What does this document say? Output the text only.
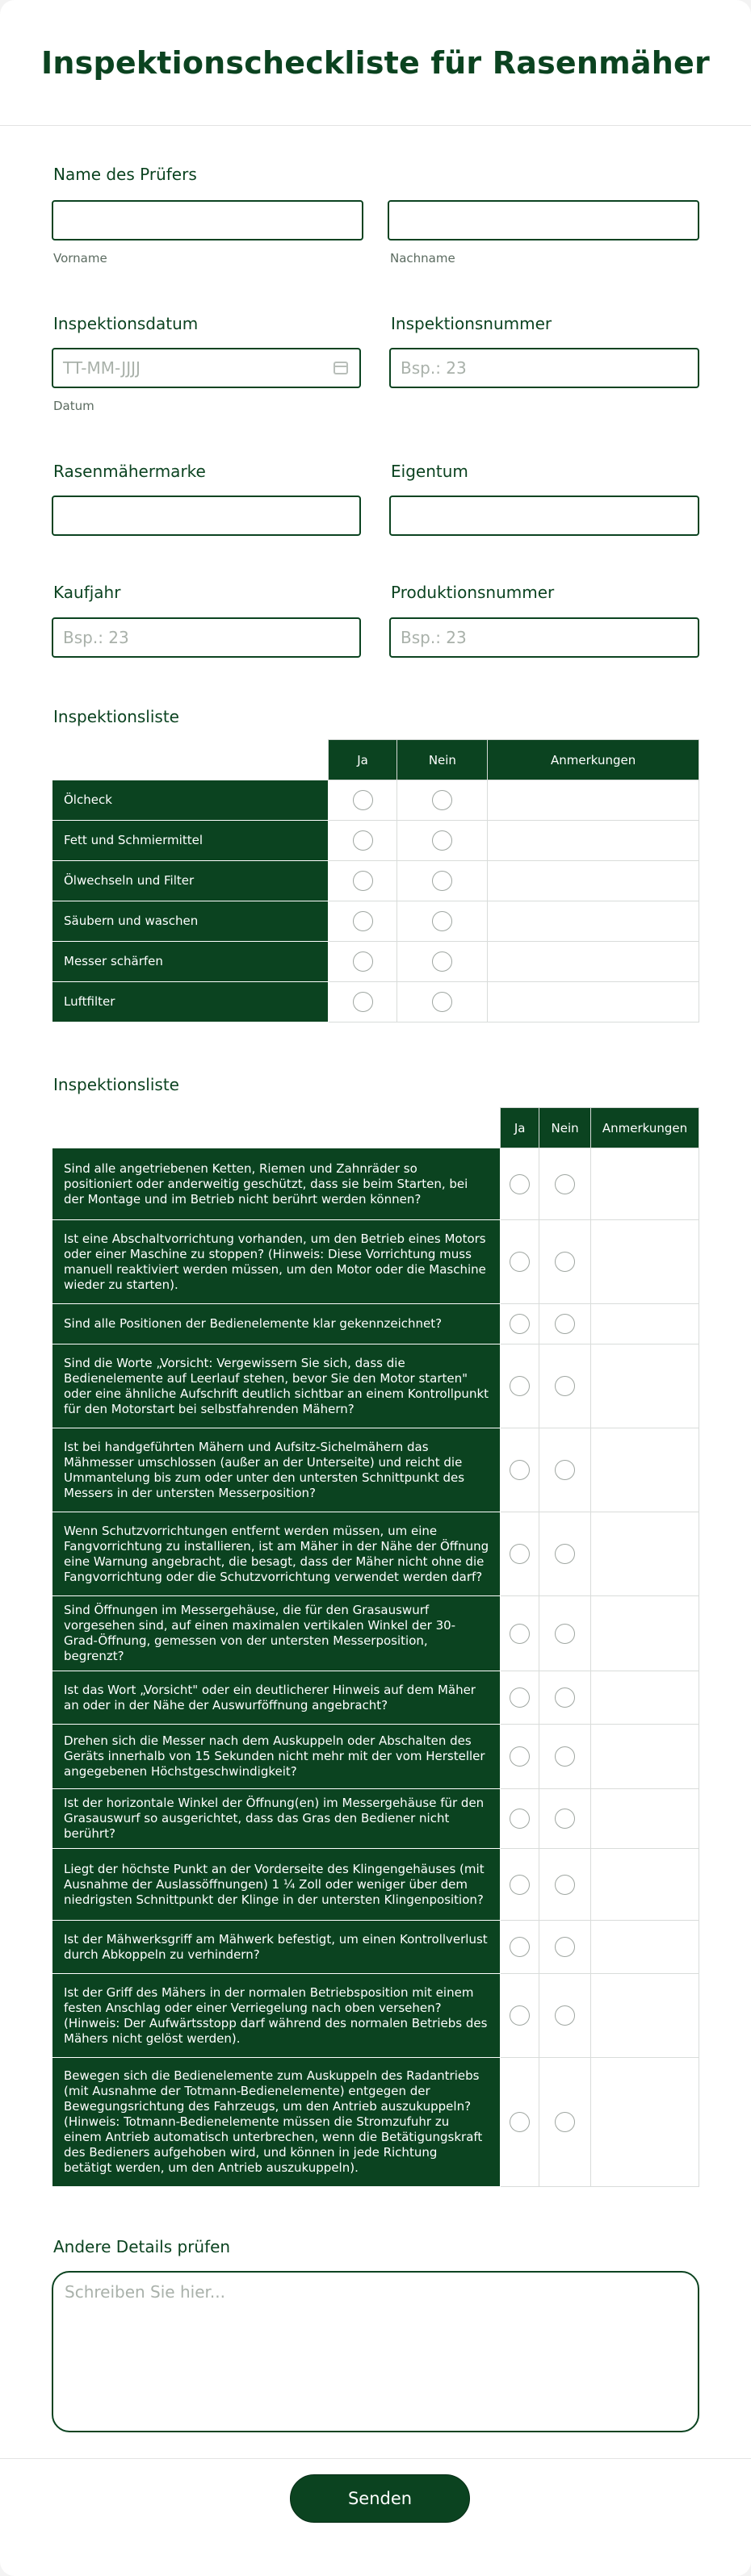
Inspektionscheckliste für Rasenmäher
Name des Prüfers
Vorname	Nachname
Inspektionsdatum
TT-MM-JJJJ
Datum
Inspektionsnummer
Bsp.: 23
Rasenmähermarke	Eigentum
Kaufjahr
Bsp.: 23
Produktionsnummer
Bsp.: 23
Inspektionsliste
	Ja	Nein	Anmerkungen
Ölcheck			
Fett und Schmiermittel			
Ölwechseln und Filter			
Säubern und waschen			
Messer schärfen			
Luftfilter			
Inspektionsliste
	Ja	Nein	Anmerkungen
Sind alle angetriebenen Ketten, Riemen und Zahnräder so positioniert oder anderweitig geschützt, dass sie beim Starten, bei der Montage und im Betrieb nicht berührt werden können?			
Ist eine Abschaltvorrichtung vorhanden, um den Betrieb eines Motors oder einer Maschine zu stoppen? (Hinweis: Diese Vorrichtung muss manuell reaktiviert werden müssen, um den Motor oder die Maschine wieder zu starten).			
Sind alle Positionen der Bedienelemente klar gekennzeichnet?			
Sind die Worte „Vorsicht: Vergewissern Sie sich, dass die Bedienelemente auf Leerlauf stehen, bevor Sie den Motor starten" oder eine ähnliche Aufschrift deutlich sichtbar an einem Kontrollpunkt für den Motorstart bei selbstfahrenden Mähern?			
Ist bei handgeführten Mähern und Aufsitz-Sichelmähern das Mähmesser umschlossen (außer an der Unterseite) und reicht die Ummantelung bis zum oder unter den untersten Schnittpunkt des Messers in der untersten Messerposition?			
Wenn Schutzvorrichtungen entfernt werden müssen, um eine Fangvorrichtung zu installieren, ist am Mäher in der Nähe der Öffnung eine Warnung angebracht, die besagt, dass der Mäher nicht ohne die Fangvorrichtung oder die Schutzvorrichtung verwendet werden darf?			
Sind Öffnungen im Messergehäuse, die für den Grasauswurf vorgesehen sind, auf einen maximalen vertikalen Winkel der 30-Grad-Öffnung, gemessen von der untersten Messerposition, begrenzt?			
Ist das Wort „Vorsicht" oder ein deutlicherer Hinweis auf dem Mäher an oder in der Nähe der Auswurföffnung angebracht?			
Drehen sich die Messer nach dem Auskuppeln oder Abschalten des Geräts innerhalb von 15 Sekunden nicht mehr mit der vom Hersteller angegebenen Höchstgeschwindigkeit?			
Ist der horizontale Winkel der Öffnung(en) im Messergehäuse für den Grasauswurf so ausgerichtet, dass das Gras den Bediener nicht berührt?			
Liegt der höchste Punkt an der Vorderseite des Klingengehäuses (mit Ausnahme der Auslassöffnungen) 1 ¼ Zoll oder weniger über dem niedrigsten Schnittpunkt der Klinge in der untersten Klingenposition?			
Ist der Mähwerksgriff am Mähwerk befestigt, um einen Kontrollverlust durch Abkoppeln zu verhindern?			
Ist der Griff des Mähers in der normalen Betriebsposition mit einem festen Anschlag oder einer Verriegelung nach oben versehen? (Hinweis: Der Aufwärtsstopp darf während des normalen Betriebs des Mähers nicht gelöst werden).			
Bewegen sich die Bedienelemente zum Auskuppeln des Radantriebs (mit Ausnahme der Totmann-Bedienelemente) entgegen der Bewegungsrichtung des Fahrzeugs, um den Antrieb auszukuppeln? (Hinweis: Totmann-Bedienelemente müssen die Stromzufuhr zu einem Antrieb automatisch unterbrechen, wenn die Betätigungskraft des Bedieners aufgehoben wird, und können in jede Richtung betätigt werden, um den Antrieb auszukuppeln).			
Andere Details prüfen
Schreiben Sie hier...
Senden
